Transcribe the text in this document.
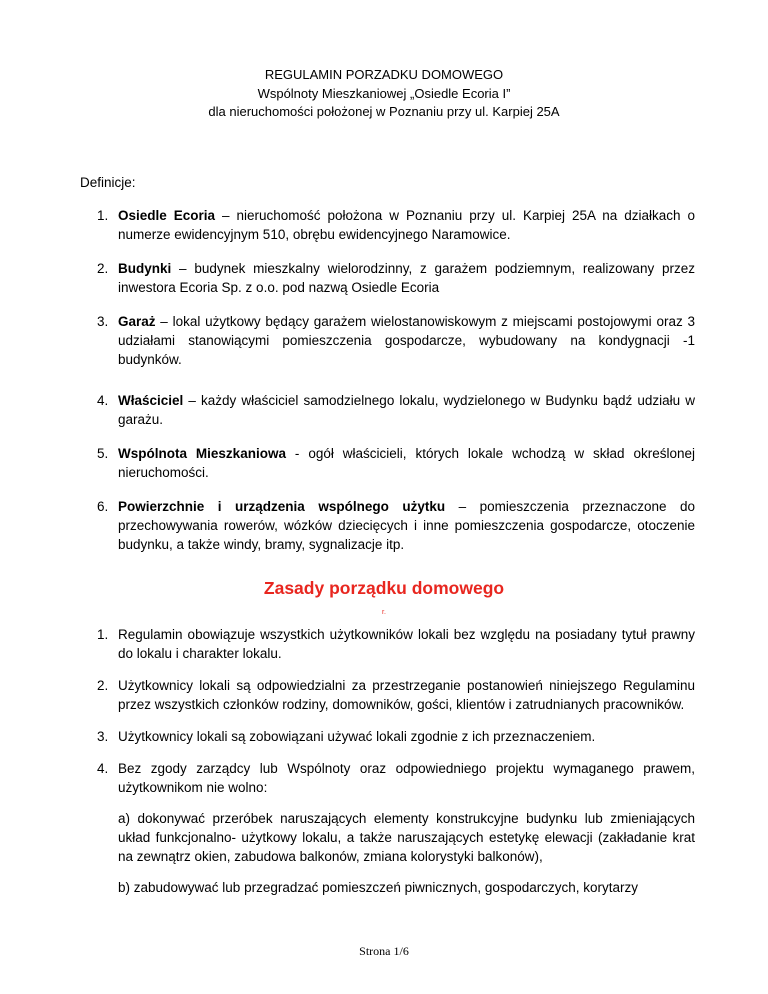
REGULAMIN PORZADKU DOMOWEGO
Wspólnoty Mieszkaniowej „Osiedle Ecoria I”
dla nieruchomości położonej w Poznaniu przy ul. Karpiej 25A
Definicje:
1. Osiedle Ecoria – nieruchomość położona w Poznaniu przy ul. Karpiej 25A na działkach o numerze ewidencyjnym 510, obrębu ewidencyjnego Naramowice.
2. Budynki – budynek mieszkalny wielorodzinny, z garażem podziemnym, realizowany przez inwestora Ecoria Sp. z o.o. pod nazwą Osiedle Ecoria
3. Garaż – lokal użytkowy będący garażem wielostanowiskowym z miejscami postojowymi oraz 3 udziałami stanowiącymi pomieszczenia gospodarcze, wybudowany na kondygnacji -1 budynków.
4. Właściciel – każdy właściciel samodzielnego lokalu, wydzielonego w Budynku bądź udziału w garażu.
5. Wspólnota Mieszkaniowa - ogół właścicieli, których lokale wchodzą w skład określonej nieruchomości.
6. Powierzchnie i urządzenia wspólnego użytku – pomieszczenia przeznaczone do przechowywania rowerów, wózków dziecięcych i inne pomieszczenia gospodarcze, otoczenie budynku, a także windy, bramy, sygnalizacje itp.
Zasady porządku domowego
r.
1. Regulamin obowiązuje wszystkich użytkowników lokali bez względu na posiadany tytuł prawny do lokalu i charakter lokalu.
2. Użytkownicy lokali są odpowiedzialni za przestrzeganie postanowień niniejszego Regulaminu przez wszystkich członków rodziny, domowników, gości, klientów i zatrudnianych pracowników.
3. Użytkownicy lokali są zobowiązani używać lokali zgodnie z ich przeznaczeniem.
4. Bez zgody zarządcy lub Wspólnoty oraz odpowiedniego projektu wymaganego prawem, użytkownikom nie wolno:
a) dokonywać przeróbek naruszających elementy konstrukcyjne budynku lub zmieniających układ funkcjonalno- użytkowy lokalu, a także naruszających estetykę elewacji (zakładanie krat na zewnątrz okien, zabudowa balkonów, zmiana kolorystyki balkonów),
b) zabudowywać lub przegradzać pomieszczeń piwnicznych, gospodarczych, korytarzy
Strona 1/6
